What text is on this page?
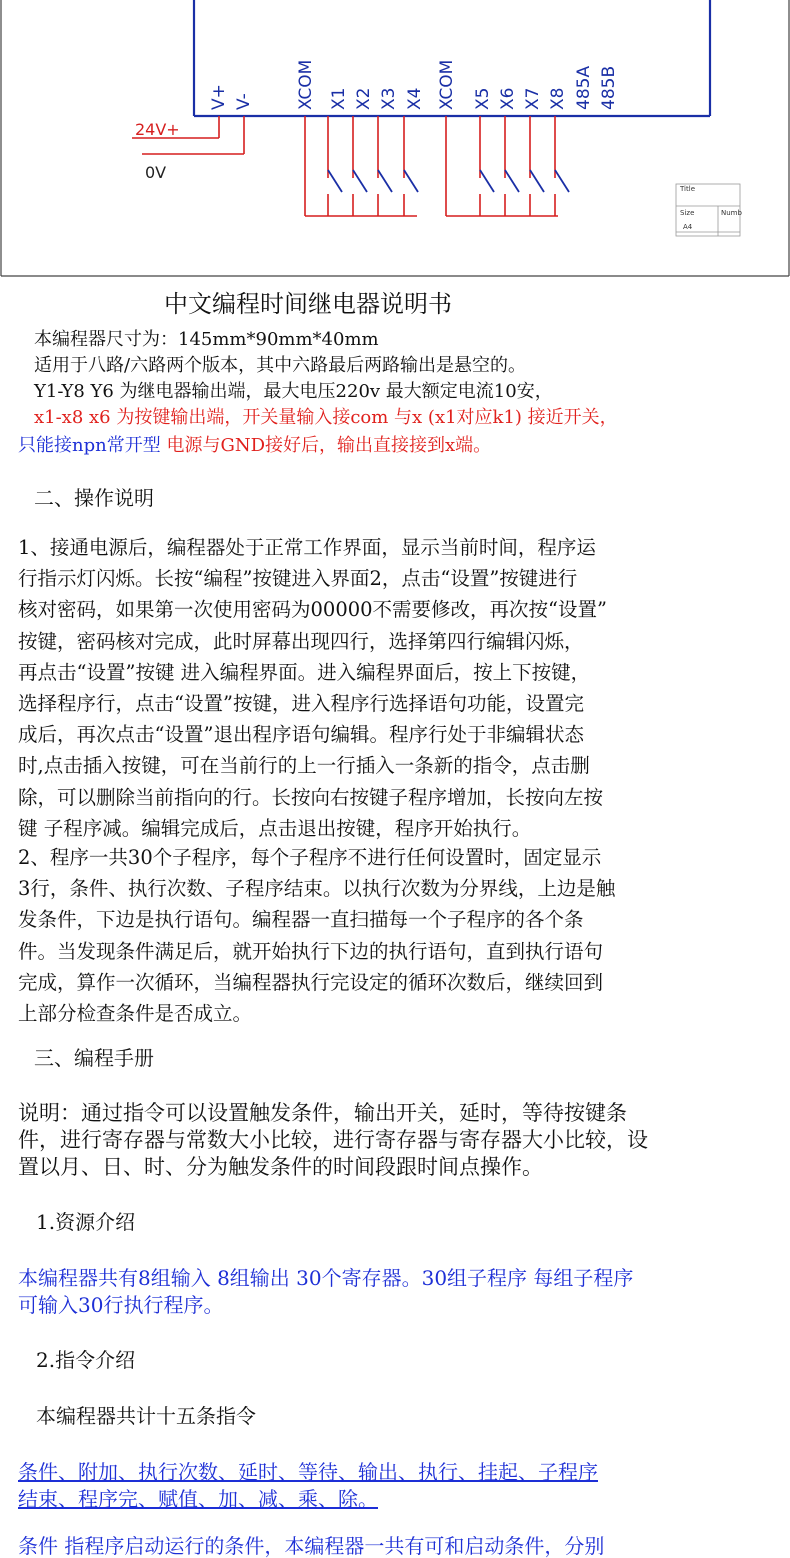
V+ V- XCOM X1 X2 X3 X4 XCOM X5 X6 X7 X8 485A 485B
24V+
0V
Title
Size
A4
Numb
中文编程时间继电器说明书
本编程器尺寸为：145mm*90mm*40mm
适用于八路/六路两个版本，其中六路最后两路输出是悬空的。
Y1-Y8 Y6 为继电器输出端，最大电压220v 最大额定电流10安，
x1-x8 x6 为按键输出端，开关量输入接com 与x (x1对应k1) 接近开关，
只能接npn常开型 电源与GND接好后，输出直接接到x端。
二、操作说明
1、接通电源后，编程器处于正常工作界面，显示当前时间，程序运
行指示灯闪烁。长按“编程”按键进入界面2，点击“设置”按键进行
核对密码，如果第一次使用密码为00000不需要修改，再次按“设置”
按键，密码核对完成，此时屏幕出现四行，选择第四行编辑闪烁，
再点击“设置”按键 进入编程界面。进入编程界面后，按上下按键，
选择程序行，点击“设置”按键，进入程序行选择语句功能，设置完
成后，再次点击“设置”退出程序语句编辑。程序行处于非编辑状态
时,点击插入按键，可在当前行的上一行插入一条新的指令，点击删
除，可以删除当前指向的行。长按向右按键子程序增加，长按向左按
键 子程序减。编辑完成后，点击退出按键，程序开始执行。
2、程序一共30个子程序，每个子程序不进行任何设置时，固定显示
3行，条件、执行次数、子程序结束。以执行次数为分界线，上边是触
发条件，下边是执行语句。编程器一直扫描每一个子程序的各个条
件。当发现条件满足后，就开始执行下边的执行语句，直到执行语句
完成，算作一次循环，当编程器执行完设定的循环次数后，继续回到
上部分检查条件是否成立。
三、编程手册
说明：通过指令可以设置触发条件，输出开关，延时，等待按键条
件，进行寄存器与常数大小比较，进行寄存器与寄存器大小比较，设
置以月、日、时、分为触发条件的时间段跟时间点操作。
1.资源介绍
本编程器共有8组输入 8组输出 30个寄存器。30组子程序 每组子程序
可输入30行执行程序。
2.指令介绍
本编程器共计十五条指令
条件、附加、执行次数、延时、等待、输出、执行、挂起、子程序
结束、程序完、赋值、加、减、乘、除。
条件 指程序启动运行的条件，本编程器一共有可和启动条件，分别
